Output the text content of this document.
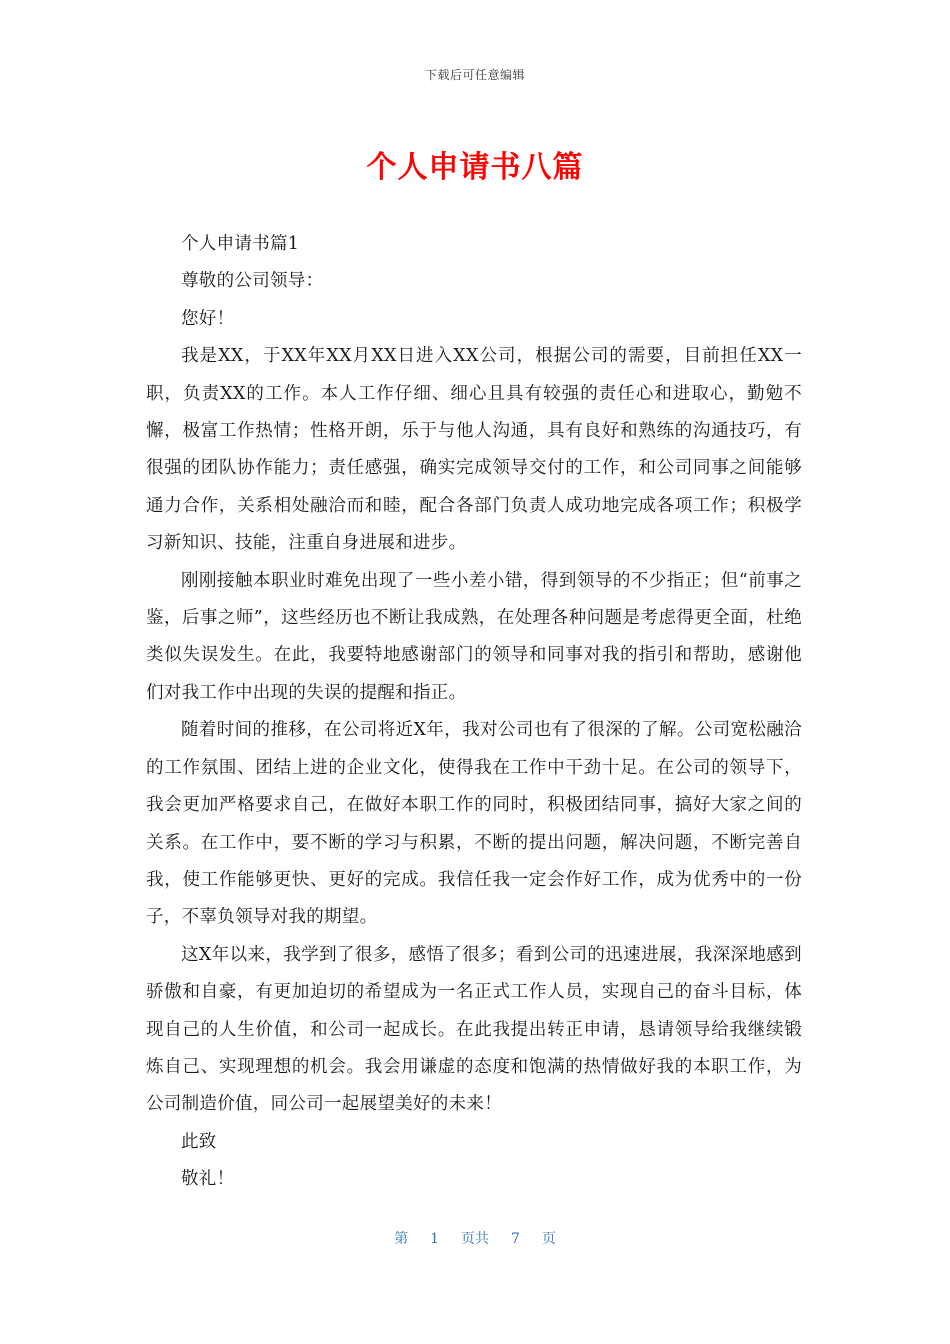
下载后可任意编辑
个人申请书八篇

个人申请书篇1

尊敬的公司领导：

您好！

我是XX，于XX年XX月XX日进入XX公司，根据公司的需要，目前担任XX一职，负责XX的工作。本人工作仔细、细心且具有较强的责任心和进取心，勤勉不懈，极富工作热情；性格开朗，乐于与他人沟通，具有良好和熟练的沟通技巧，有很强的团队协作能力；责任感强，确实完成领导交付的工作，和公司同事之间能够通力合作，关系相处融洽而和睦，配合各部门负责人成功地完成各项工作；积极学习新知识、技能，注重自身进展和进步。

刚刚接触本职业时难免出现了一些小差小错，得到领导的不少指正；但“前事之鉴，后事之师”，这些经历也不断让我成熟，在处理各种问题是考虑得更全面，杜绝类似失误发生。在此，我要特地感谢部门的领导和同事对我的指引和帮助，感谢他们对我工作中出现的失误的提醒和指正。

随着时间的推移，在公司将近X年，我对公司也有了很深的了解。公司宽松融洽的工作氛围、团结上进的企业文化，使得我在工作中干劲十足。在公司的领导下，我会更加严格要求自己，在做好本职工作的同时，积极团结同事，搞好大家之间的关系。在工作中，要不断的学习与积累，不断的提出问题，解决问题，不断完善自我，使工作能够更快、更好的完成。我信任我一定会作好工作，成为优秀中的一份子，不辜负领导对我的期望。

这X年以来，我学到了很多，感悟了很多；看到公司的迅速进展，我深深地感到骄傲和自豪，有更加迫切的希望成为一名正式工作人员，实现自己的奋斗目标，体现自己的人生价值，和公司一起成长。在此我提出转正申请，恳请领导给我继续锻炼自己、实现理想的机会。我会用谦虚的态度和饱满的热情做好我的本职工作，为公司制造价值，同公司一起展望美好的未来！

此致

敬礼！

第 1 页共 7 页
